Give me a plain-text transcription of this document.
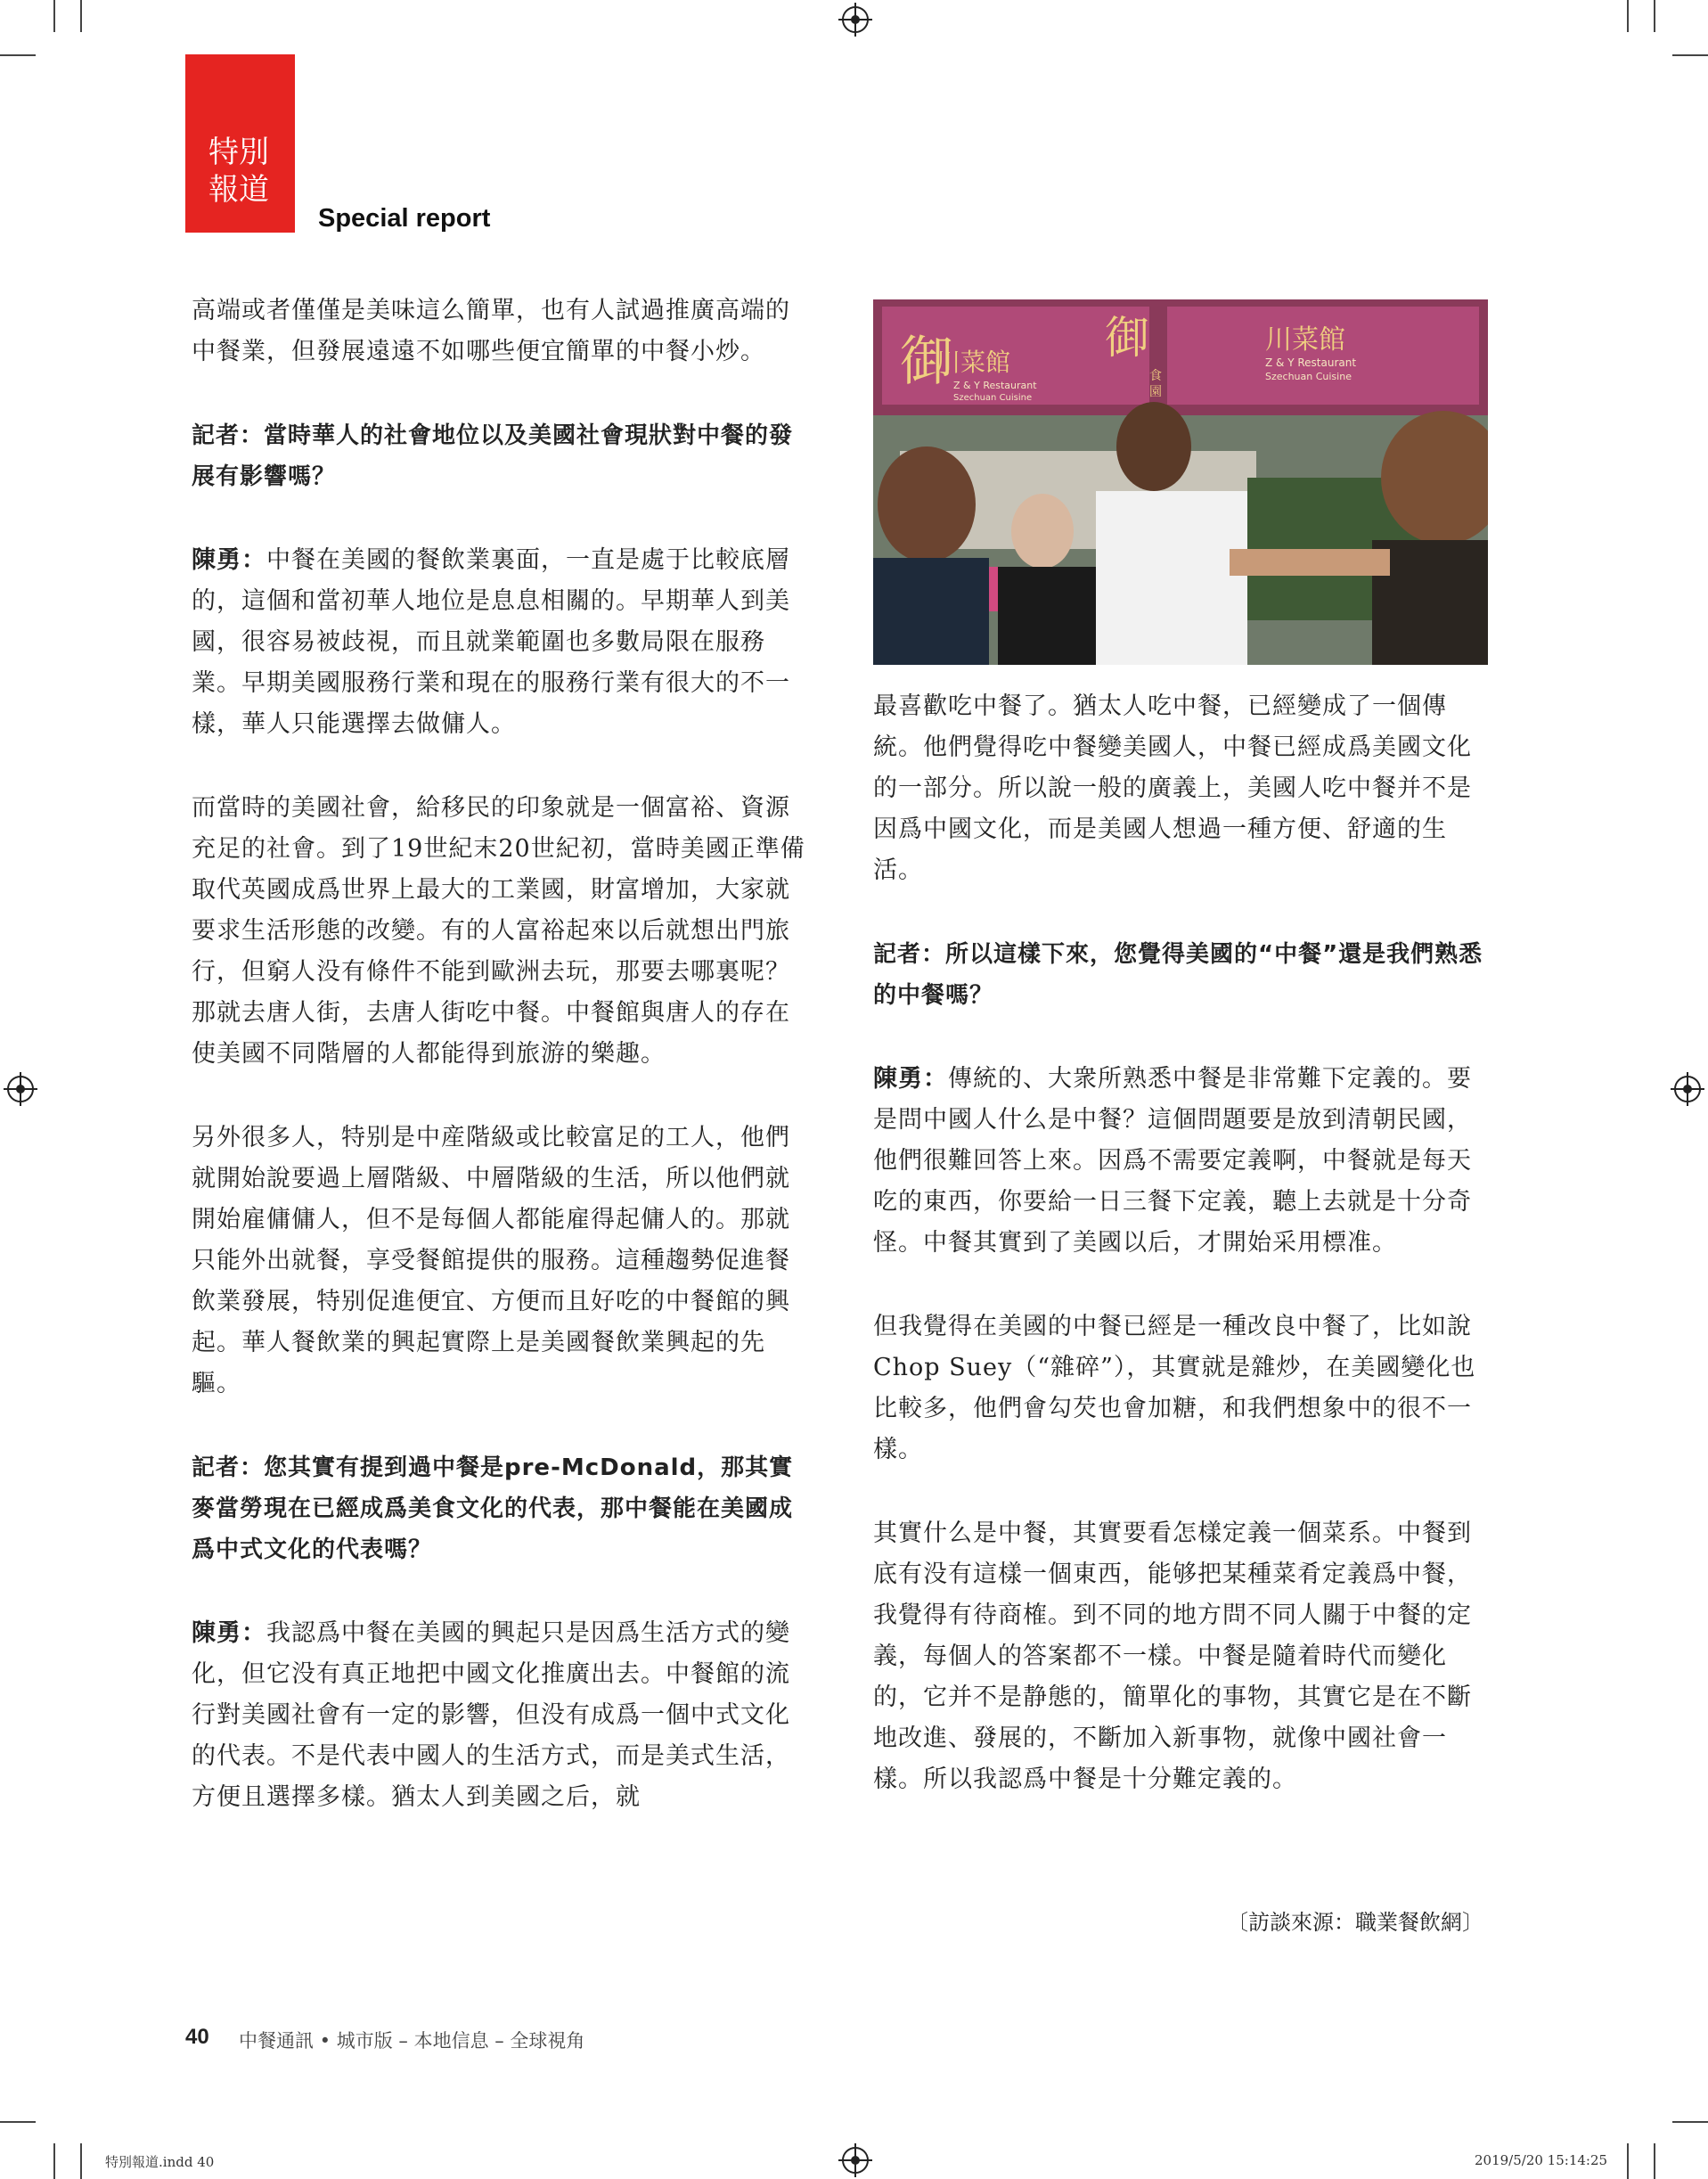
特別
報道
Special report

高端或者僅僅是美味這么簡單，也有人試過推廣高端的中餐業，但發展遠遠不如哪些便宜簡單的中餐小炒。

記者：當時華人的社會地位以及美國社會現狀對中餐的發展有影響嗎？

陳勇：中餐在美國的餐飲業裏面，一直是處于比較底層的，這個和當初華人地位是息息相關的。早期華人到美國，很容易被歧視，而且就業範圍也多數局限在服務業。早期美國服務行業和現在的服務行業有很大的不一樣，華人只能選擇去做傭人。

而當時的美國社會，給移民的印象就是一個富裕、資源充足的社會。到了19世紀末20世紀初，當時美國正準備取代英國成爲世界上最大的工業國，財富增加，大家就要求生活形態的改變。有的人富裕起來以后就想出門旅行，但窮人没有條件不能到歐洲去玩，那要去哪裏呢？那就去唐人街，去唐人街吃中餐。中餐館與唐人的存在使美國不同階層的人都能得到旅游的樂趣。

另外很多人，特别是中産階級或比較富足的工人，他們就開始說要過上層階級、中層階級的生活，所以他們就開始雇傭傭人，但不是每個人都能雇得起傭人的。那就只能外出就餐，享受餐館提供的服務。這種趨勢促進餐飲業發展，特别促進便宜、方便而且好吃的中餐館的興起。華人餐飲業的興起實際上是美國餐飲業興起的先驅。

記者：您其實有提到過中餐是pre-McDonald，那其實麥當勞現在已經成爲美食文化的代表，那中餐能在美國成爲中式文化的代表嗎？

陳勇：我認爲中餐在美國的興起只是因爲生活方式的變化，但它没有真正地把中國文化推廣出去。中餐館的流行對美國社會有一定的影響，但没有成爲一個中式文化的代表。不是代表中國人的生活方式，而是美式生活，方便且選擇多樣。猶太人到美國之后，就

御
川菜館
Z & Y Restaurant
Szechuan Cuisine
御
食
園
川菜館
Z & Y Restaurant
Szechuan Cuisine

最喜歡吃中餐了。猶太人吃中餐，已經變成了一個傳統。他們覺得吃中餐變美國人，中餐已經成爲美國文化的一部分。所以說一般的廣義上，美國人吃中餐并不是因爲中國文化，而是美國人想過一種方便、舒適的生活。

記者：所以這樣下來，您覺得美國的“中餐”還是我們熟悉的中餐嗎？

陳勇：傳統的、大衆所熟悉中餐是非常難下定義的。要是問中國人什么是中餐？這個問題要是放到清朝民國，他們很難回答上來。因爲不需要定義啊，中餐就是每天吃的東西，你要給一日三餐下定義，聽上去就是十分奇怪。中餐其實到了美國以后，才開始采用標准。

但我覺得在美國的中餐已經是一種改良中餐了，比如說Chop Suey（“雜碎”），其實就是雜炒，在美國變化也比較多，他們會勾芡也會加糖，和我們想象中的很不一樣。

其實什么是中餐，其實要看怎樣定義一個菜系。中餐到底有没有這樣一個東西，能够把某種菜肴定義爲中餐，我覺得有待商榷。到不同的地方問不同人關于中餐的定義，每個人的答案都不一樣。中餐是隨着時代而變化的，它并不是静態的，簡單化的事物，其實它是在不斷地改進、發展的，不斷加入新事物，就像中國社會一樣。所以我認爲中餐是十分難定義的。

〔訪談來源：職業餐飲網〕
40 中餐通訊 • 城市版 – 本地信息 – 全球視角
特別報道.indd 40	2019/5/20 15:14:25
